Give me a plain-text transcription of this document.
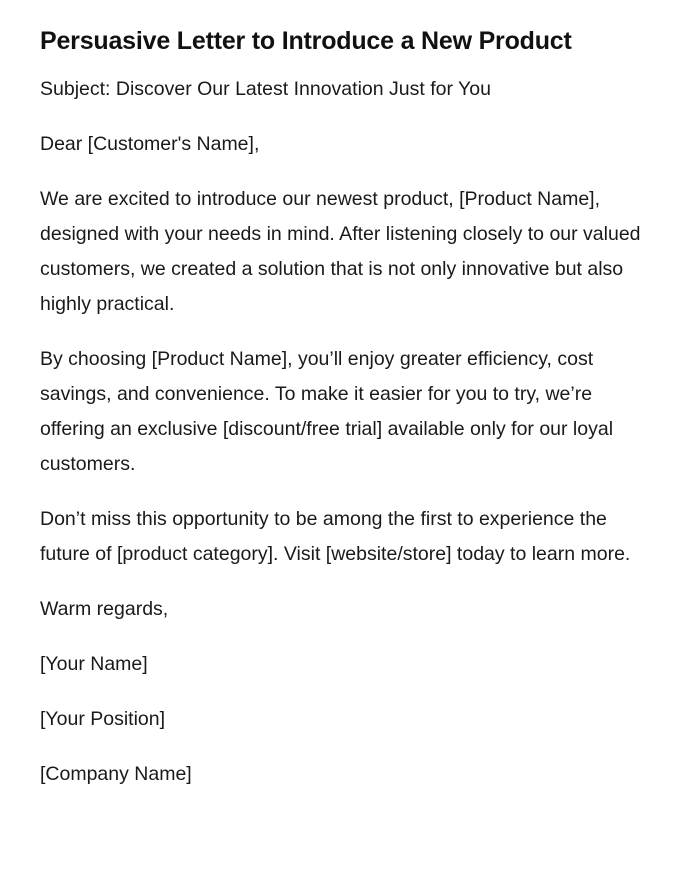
Persuasive Letter to Introduce a New Product

Subject: Discover Our Latest Innovation Just for You

Dear [Customer's Name],

We are excited to introduce our newest product, [Product Name], designed with your needs in mind. After listening closely to our valued customers, we created a solution that is not only innovative but also highly practical.

By choosing [Product Name], you’ll enjoy greater efficiency, cost savings, and convenience. To make it easier for you to try, we’re offering an exclusive [discount/free trial] available only for our loyal customers.

Don’t miss this opportunity to be among the first to experience the future of [product category]. Visit [website/store] today to learn more.

Warm regards,

[Your Name]

[Your Position]

[Company Name]
